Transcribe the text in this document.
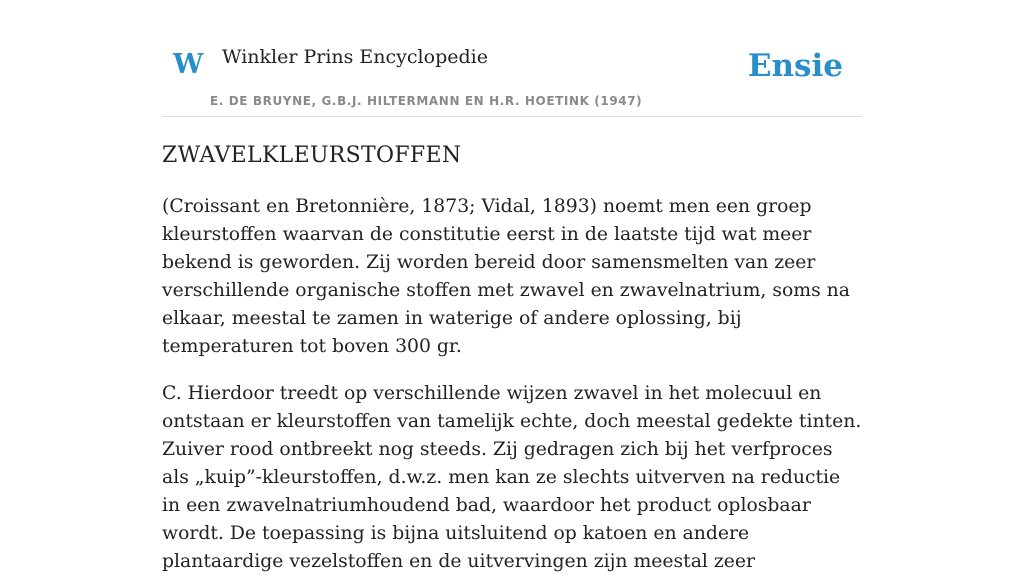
W Winkler Prins Encyclopedie
E. DE BRUYNE, G.B.J. HILTERMANN EN H.R. HOETINK (1947)
Ensie
ZWAVELKLEURSTOFFEN

(Croissant en Bretonnière, 1873; Vidal, 1893) noemt men een groep kleurstoffen waarvan de constitutie eerst in de laatste tijd wat meer bekend is geworden. Zij worden bereid door samensmelten van zeer verschillende organische stoffen met zwavel en zwavelnatrium, soms na elkaar, meestal te zamen in waterige of andere oplossing, bij temperaturen tot boven 300 gr.

C. Hierdoor treedt op verschillende wijzen zwavel in het molecuul en ontstaan er kleurstoffen van tamelijk echte, doch meestal gedekte tinten. Zuiver rood ontbreekt nog steeds. Zij gedragen zich bij het verfproces als „kuip”-kleurstoffen, d.w.z. men kan ze slechts uitverven na reductie in een zwavelnatriumhoudend bad, waardoor het product oplosbaar wordt. De toepassing is bijna uitsluitend op katoen en andere plantaardige vezelstoffen en de uitvervingen zijn meestal zeer
